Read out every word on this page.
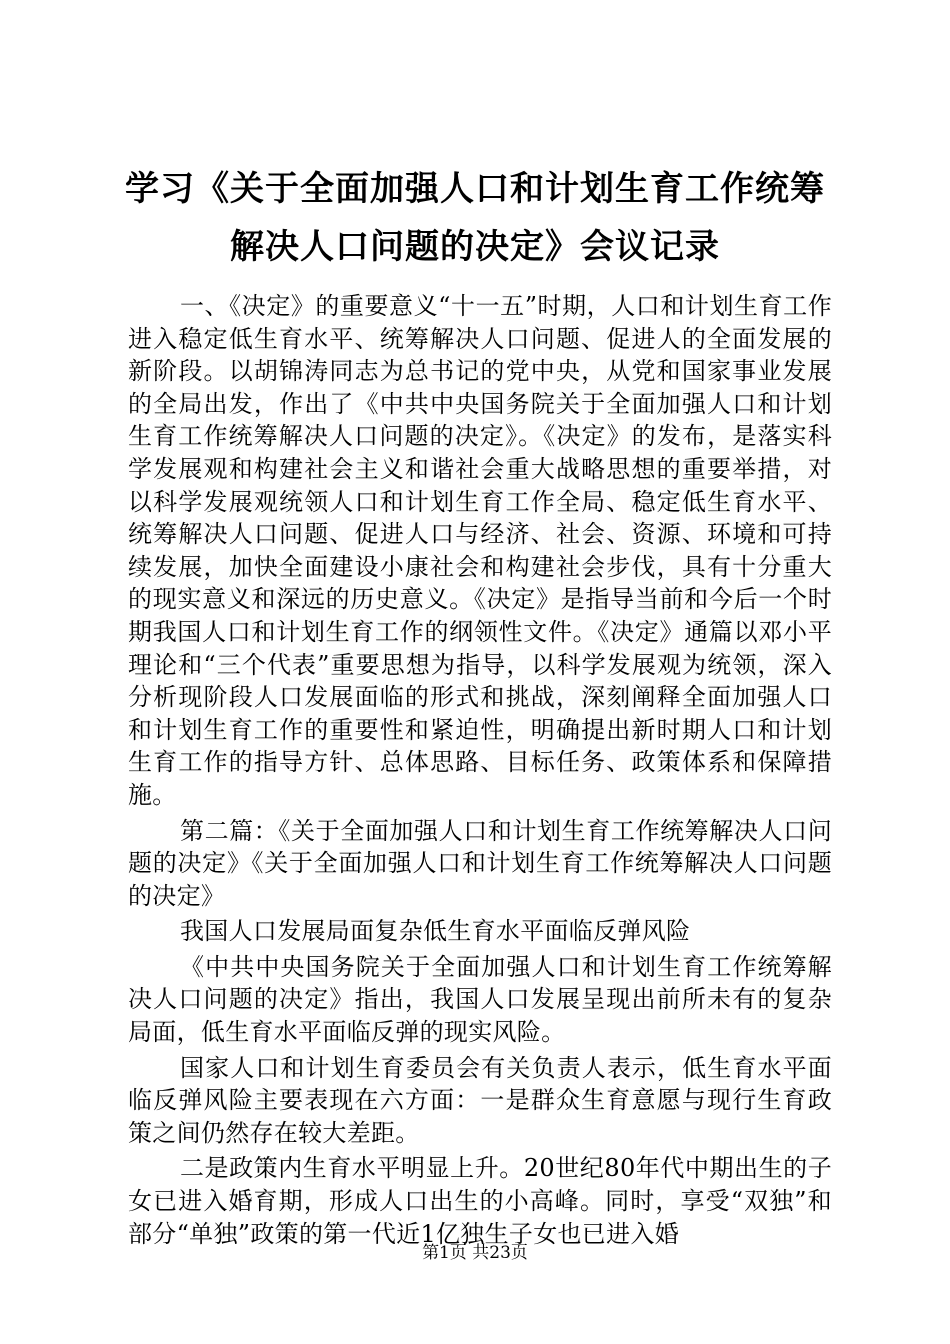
学习《关于全面加强人口和计划生育工作统筹
解决人口问题的决定》会议记录

一、《决定》的重要意义“十一五”时期，人口和计划生育工作进入稳定低生育水平、统筹解决人口问题、促进人的全面发展的新阶段。以胡锦涛同志为总书记的党中央，从党和国家事业发展的全局出发，作出了《中共中央国务院关于全面加强人口和计划生育工作统筹解决人口问题的决定》。《决定》的发布，是落实科学发展观和构建社会主义和谐社会重大战略思想的重要举措，对以科学发展观统领人口和计划生育工作全局、稳定低生育水平、统筹解决人口问题、促进人口与经济、社会、资源、环境和可持续发展，加快全面建设小康社会和构建社会步伐，具有十分重大的现实意义和深远的历史意义。《决定》是指导当前和今后一个时期我国人口和计划生育工作的纲领性文件。《决定》通篇以邓小平理论和“三个代表”重要思想为指导，以科学发展观为统领，深入分析现阶段人口发展面临的形式和挑战，深刻阐释全面加强人口和计划生育工作的重要性和紧迫性，明确提出新时期人口和计划生育工作的指导方针、总体思路、目标任务、政策体系和保障措施。

第二篇：《关于全面加强人口和计划生育工作统筹解决人口问题的决定》《关于全面加强人口和计划生育工作统筹解决人口问题的决定》

我国人口发展局面复杂低生育水平面临反弹风险

《中共中央国务院关于全面加强人口和计划生育工作统筹解决人口问题的决定》指出，我国人口发展呈现出前所未有的复杂局面，低生育水平面临反弹的现实风险。

国家人口和计划生育委员会有关负责人表示，低生育水平面临反弹风险主要表现在六方面：一是群众生育意愿与现行生育政策之间仍然存在较大差距。

二是政策内生育水平明显上升。20世纪80年代中期出生的子女已进入婚育期，形成人口出生的小高峰。同时，享受“双独”和部分“单独”政策的第一代近1亿独生子女也已进入婚

第1页 共23页
